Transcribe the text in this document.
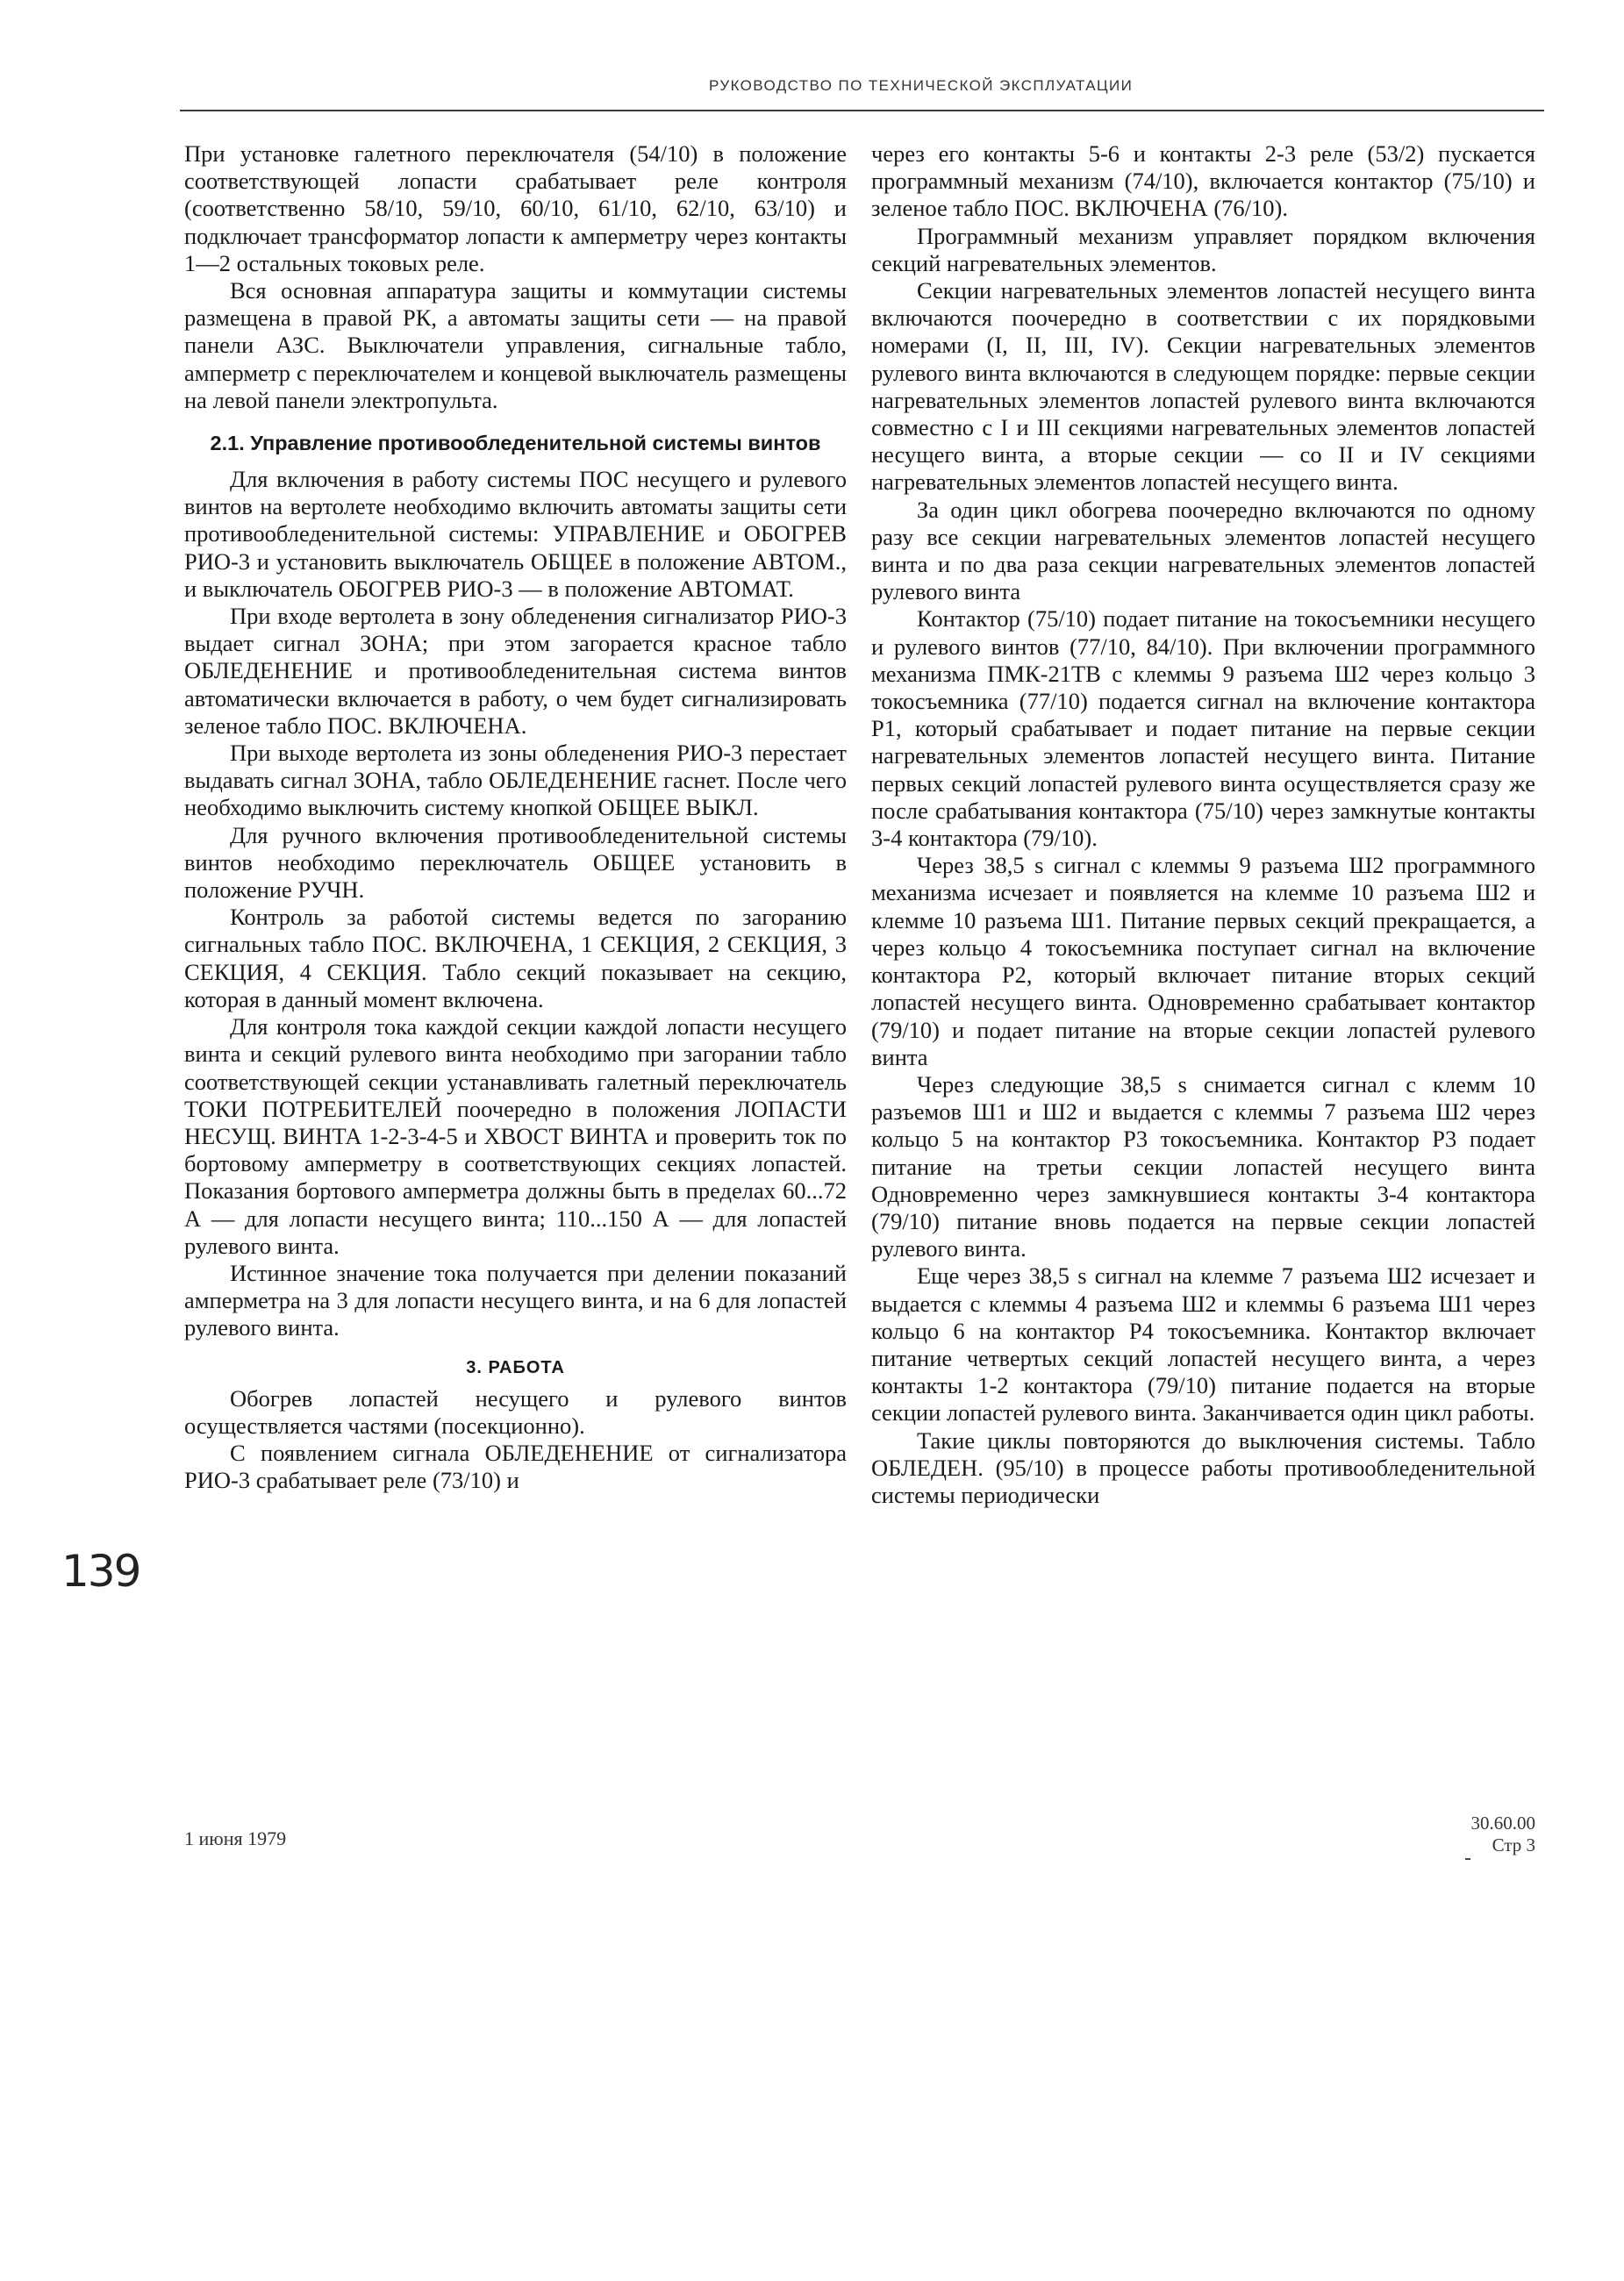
РУКОВОДСТВО ПО ТЕХНИЧЕСКОЙ ЭКСПЛУАТАЦИИ

При установке галетного переключателя (54/10) в положение соответствующей лопасти срабатывает реле контроля (соответственно 58/10, 59/10, 60/10, 61/10, 62/10, 63/10) и подключает трансформатор лопасти к амперметру через контакты 1—2 остальных токовых реле.

Вся основная аппаратура защиты и коммутации системы размещена в правой РК, а автоматы защиты сети — на правой панели АЗС. Выключатели управления, сигнальные табло, амперметр с переключателем и концевой выключатель размещены на левой панели электропульта.

2.1. Управление противообледенительной системы винтов

Для включения в работу системы ПОС несущего и рулевого винтов на вертолете необходимо включить автоматы защиты сети противообледенительной системы: УПРАВЛЕНИЕ и ОБОГРЕВ РИО-3 и установить выключатель ОБЩЕЕ в положение АВТОМ., и выключатель ОБОГРЕВ РИО-3 — в положение АВТОМАТ.

При входе вертолета в зону обледенения сигнализатор РИО-3 выдает сигнал ЗОНА; при этом загорается красное табло ОБЛЕДЕНЕНИЕ и противообледенительная система винтов автоматически включается в работу, о чем будет сигнализировать зеленое табло ПОС. ВКЛЮЧЕНА.

При выходе вертолета из зоны обледенения РИО-3 перестает выдавать сигнал ЗОНА, табло ОБЛЕДЕНЕНИЕ гаснет. После чего необходимо выключить систему кнопкой ОБЩЕЕ ВЫКЛ.

Для ручного включения противообледенительной системы винтов необходимо переключатель ОБЩЕЕ установить в положение РУЧН.

Контроль за работой системы ведется по загоранию сигнальных табло ПОС. ВКЛЮЧЕНА, 1 СЕКЦИЯ, 2 СЕКЦИЯ, 3 СЕКЦИЯ, 4 СЕКЦИЯ. Табло секций показывает на секцию, которая в данный момент включена.

Для контроля тока каждой секции каждой лопасти несущего винта и секций рулевого винта необходимо при загорании табло соответствующей секции устанавливать галетный переключатель ТОКИ ПОТРЕБИТЕЛЕЙ поочередно в положения ЛОПАСТИ НЕСУЩ. ВИНТА 1-2-3-4-5 и ХВОСТ ВИНТА и проверить ток по бортовому амперметру в соответствующих секциях лопастей. Показания бортового амперметра должны быть в пределах 60...72 А — для лопасти несущего винта; 110...150 А — для лопастей рулевого винта.

Истинное значение тока получается при делении показаний амперметра на 3 для лопасти несущего винта, и на 6 для лопастей рулевого винта.

3. РАБОТА

Обогрев лопастей несущего и рулевого винтов осуществляется частями (посекционно).

С появлением сигнала ОБЛЕДЕНЕНИЕ от сигнализатора РИО-3 срабатывает реле (73/10) и

через его контакты 5-6 и контакты 2-3 реле (53/2) пускается программный механизм (74/10), включается контактор (75/10) и зеленое табло ПОС. ВКЛЮЧЕНА (76/10).

Программный механизм управляет порядком включения секций нагревательных элементов.

Секции нагревательных элементов лопастей несущего винта включаются поочередно в соответствии с их порядковыми номерами (I, II, III, IV). Секции нагревательных элементов рулевого винта включаются в следующем порядке: первые секции нагревательных элементов лопастей рулевого винта включаются совместно с I и III секциями нагревательных элементов лопастей несущего винта, а вторые секции — со II и IV секциями нагревательных элементов лопастей несущего винта.

За один цикл обогрева поочередно включаются по одному разу все секции нагревательных элементов лопастей несущего винта и по два раза секции нагревательных элементов лопастей рулевого винта

Контактор (75/10) подает питание на токосъемники несущего и рулевого винтов (77/10, 84/10). При включении программного механизма ПМК-21ТВ с клеммы 9 разъема Ш2 через кольцо 3 токосъемника (77/10) подается сигнал на включение контактора Р1, который срабатывает и подает питание на первые секции нагревательных элементов лопастей несущего винта. Питание первых секций лопастей рулевого винта осуществляется сразу же после срабатывания контактора (75/10) через замкнутые контакты 3-4 контактора (79/10).

Через 38,5 s сигнал с клеммы 9 разъема Ш2 программного механизма исчезает и появляется на клемме 10 разъема Ш2 и клемме 10 разъема Ш1. Питание первых секций прекращается, а через кольцо 4 токосъемника поступает сигнал на включение контактора Р2, который включает питание вторых секций лопастей несущего винта. Одновременно срабатывает контактор (79/10) и подает питание на вторые секции лопастей рулевого винта

Через следующие 38,5 s снимается сигнал с клемм 10 разъемов Ш1 и Ш2 и выдается с клеммы 7 разъема Ш2 через кольцо 5 на контактор Р3 токосъемника. Контактор Р3 подает питание на третьи секции лопастей несущего винта Одновременно через замкнувшиеся контакты 3-4 контактора (79/10) питание вновь подается на первые секции лопастей рулевого винта.

Еще через 38,5 s сигнал на клемме 7 разъема Ш2 исчезает и выдается с клеммы 4 разъема Ш2 и клеммы 6 разъема Ш1 через кольцо 6 на контактор Р4 токосъемника. Контактор включает питание четвертых секций лопастей несущего винта, а через контакты 1-2 контактора (79/10) питание подается на вторые секции лопастей рулевого винта. Заканчивается один цикл работы.

Такие циклы повторяются до выключения системы. Табло ОБЛЕДЕН. (95/10) в процессе работы противообледенительной системы периодически

139
1 июня 1979
30.60.00
Стр 3
